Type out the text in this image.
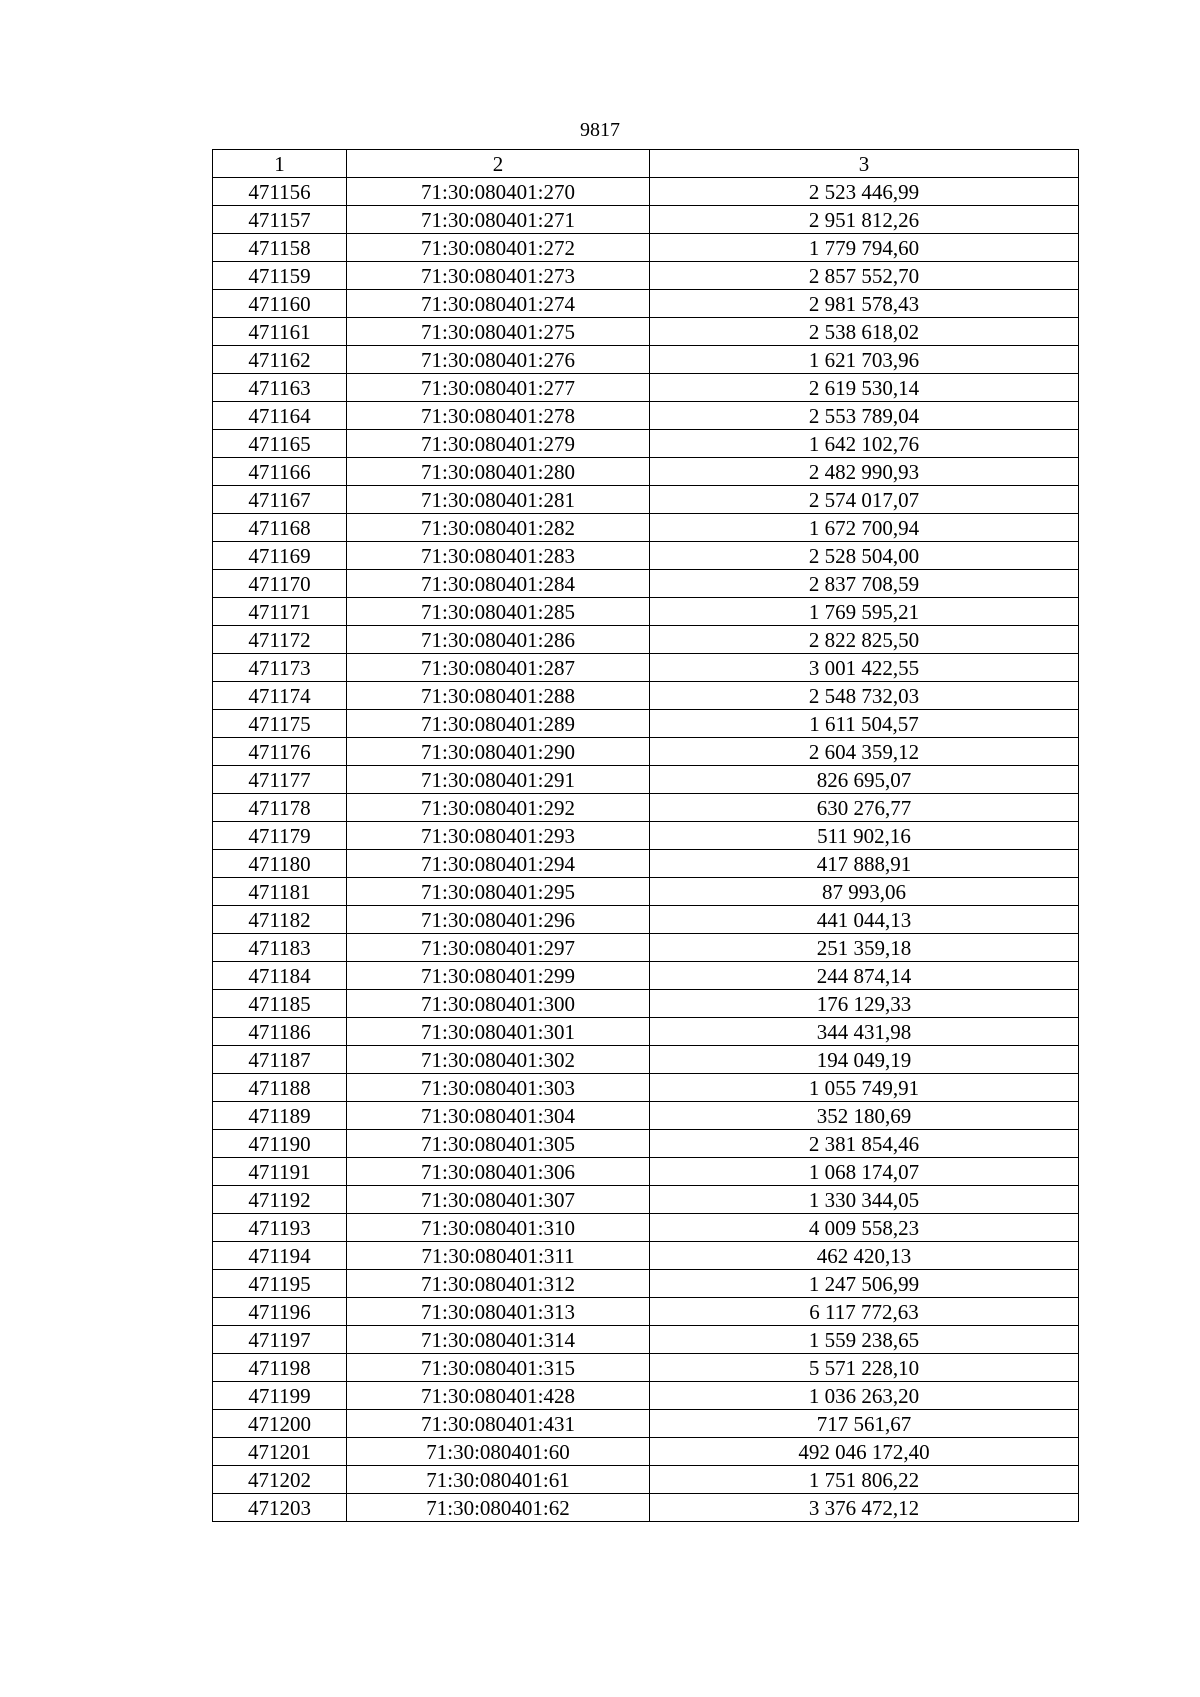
9817
1	2	3
471156	71:30:080401:270	2 523 446,99
471157	71:30:080401:271	2 951 812,26
471158	71:30:080401:272	1 779 794,60
471159	71:30:080401:273	2 857 552,70
471160	71:30:080401:274	2 981 578,43
471161	71:30:080401:275	2 538 618,02
471162	71:30:080401:276	1 621 703,96
471163	71:30:080401:277	2 619 530,14
471164	71:30:080401:278	2 553 789,04
471165	71:30:080401:279	1 642 102,76
471166	71:30:080401:280	2 482 990,93
471167	71:30:080401:281	2 574 017,07
471168	71:30:080401:282	1 672 700,94
471169	71:30:080401:283	2 528 504,00
471170	71:30:080401:284	2 837 708,59
471171	71:30:080401:285	1 769 595,21
471172	71:30:080401:286	2 822 825,50
471173	71:30:080401:287	3 001 422,55
471174	71:30:080401:288	2 548 732,03
471175	71:30:080401:289	1 611 504,57
471176	71:30:080401:290	2 604 359,12
471177	71:30:080401:291	826 695,07
471178	71:30:080401:292	630 276,77
471179	71:30:080401:293	511 902,16
471180	71:30:080401:294	417 888,91
471181	71:30:080401:295	87 993,06
471182	71:30:080401:296	441 044,13
471183	71:30:080401:297	251 359,18
471184	71:30:080401:299	244 874,14
471185	71:30:080401:300	176 129,33
471186	71:30:080401:301	344 431,98
471187	71:30:080401:302	194 049,19
471188	71:30:080401:303	1 055 749,91
471189	71:30:080401:304	352 180,69
471190	71:30:080401:305	2 381 854,46
471191	71:30:080401:306	1 068 174,07
471192	71:30:080401:307	1 330 344,05
471193	71:30:080401:310	4 009 558,23
471194	71:30:080401:311	462 420,13
471195	71:30:080401:312	1 247 506,99
471196	71:30:080401:313	6 117 772,63
471197	71:30:080401:314	1 559 238,65
471198	71:30:080401:315	5 571 228,10
471199	71:30:080401:428	1 036 263,20
471200	71:30:080401:431	717 561,67
471201	71:30:080401:60	492 046 172,40
471202	71:30:080401:61	1 751 806,22
471203	71:30:080401:62	3 376 472,12
